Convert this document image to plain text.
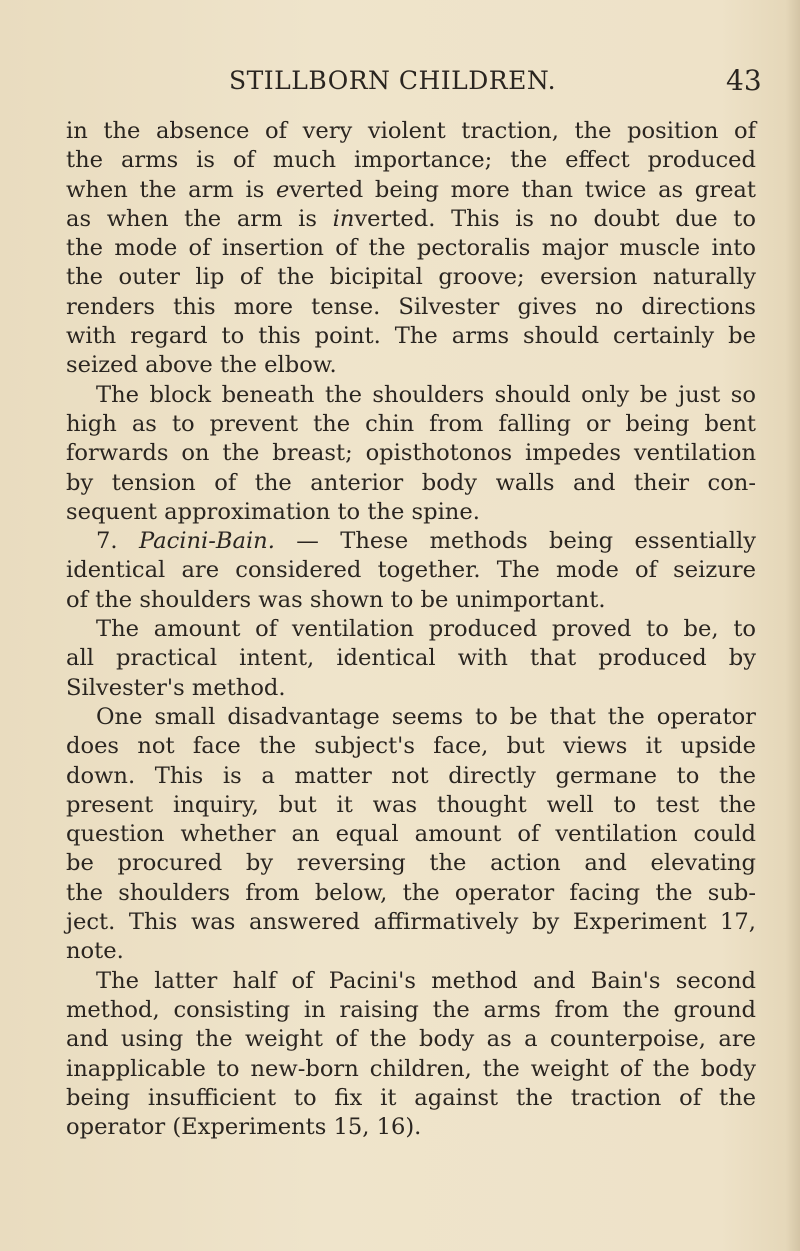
STILLBORN CHILDREN.	43
in the absence of very violent traction, the position of
the arms is of much importance; the effect produced
when the arm is everted being more than twice as great
as when the arm is inverted. This is no doubt due to
the mode of insertion of the pectoralis major muscle into
the outer lip of the bicipital groove; eversion naturally
renders this more tense. Silvester gives no directions
with regard to this point. The arms should certainly be
seized above the elbow.
The block beneath the shoulders should only be just so
high as to prevent the chin from falling or being bent
forwards on the breast; opisthotonos impedes ventilation
by tension of the anterior body walls and their con-
sequent approximation to the spine.
7. Pacini-Bain. — These methods being essentially
identical are considered together. The mode of seizure
of the shoulders was shown to be unimportant.
The amount of ventilation produced proved to be, to
all practical intent, identical with that produced by
Silvester's method.
One small disadvantage seems to be that the operator
does not face the subject's face, but views it upside
down. This is a matter not directly germane to the
present inquiry, but it was thought well to test the
question whether an equal amount of ventilation could
be procured by reversing the action and elevating
the shoulders from below, the operator facing the sub-
ject. This was answered affirmatively by Experiment 17,
note.
The latter half of Pacini's method and Bain's second
method, consisting in raising the arms from the ground
and using the weight of the body as a counterpoise, are
inapplicable to new-born children, the weight of the body
being insufficient to fix it against the traction of the
operator (Experiments 15, 16).
